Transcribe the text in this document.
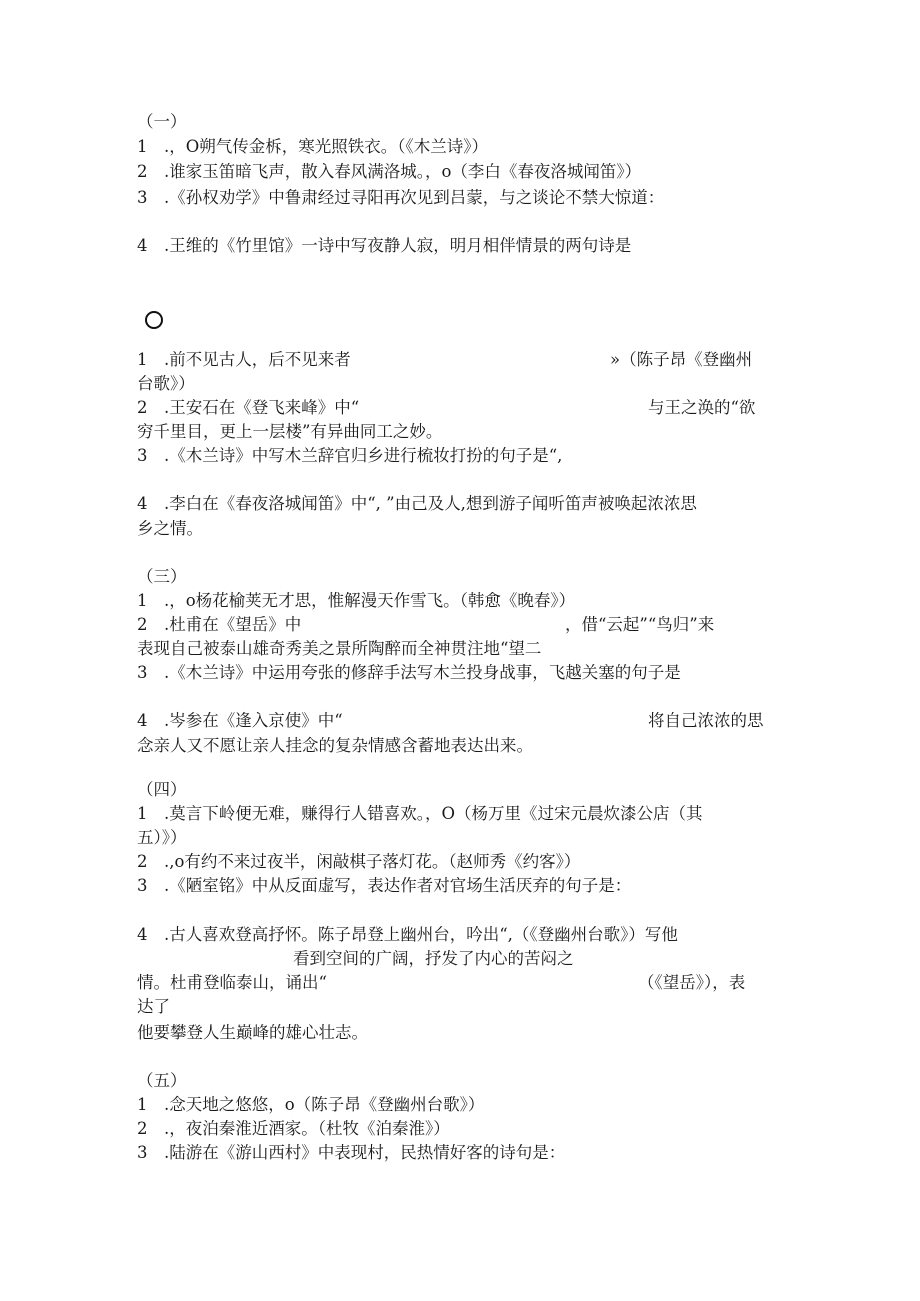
（一）
1　.，O朔气传金柝，寒光照铁衣。（《木兰诗》）
2　.谁家玉笛暗飞声，散入春风满洛城。，o（李白《春夜洛城闻笛》）
3　.《孙权劝学》中鲁肃经过寻阳再次见到吕蒙，与之谈论不禁大惊道：
4　.王维的《竹里馆》一诗中写夜静人寂，明月相伴情景的两句诗是
1　.前不见古人，后不见来者	»（陈子昂《登幽州
台歌》）
2　.王安石在《登飞来峰》中“	与王之涣的“欲
穷千里目，更上一层楼”有异曲同工之妙。
3　.《木兰诗》中写木兰辞官归乡进行梳妆打扮的句子是“,
4　.李白在《春夜洛城闻笛》中“, ”由己及人,想到游子闻听笛声被唤起浓浓思
乡之情。
（三）
1　.，o杨花榆荚无才思，惟解漫天作雪飞。（韩愈《晚春》）
2　.杜甫在《望岳》中	，借“云起”“鸟归”来
表现自己被泰山雄奇秀美之景所陶醉而全神贯注地“望二
3　.《木兰诗》中运用夸张的修辞手法写木兰投身战事，飞越关塞的句子是
4　.岑参在《逢入京使》中“	将自己浓浓的思
念亲人又不愿让亲人挂念的复杂情感含蓄地表达出来。
（四）
1　.莫言下岭便无难，赚得行人错喜欢。，O（杨万里《过宋元晨炊漆公店（其
五）》）
2　.,o有约不来过夜半，闲敲棋子落灯花。（赵师秀《约客》）
3　.《陋室铭》中从反面虚写，表达作者对官场生活厌弃的句子是：
4　.古人喜欢登高抒怀。陈子昂登上幽州台，吟出“,（《登幽州台歌》）写他
看到空间的广阔，抒发了内心的苦闷之
情。杜甫登临泰山，诵出“	（《望岳》），表
达了
他要攀登人生巅峰的雄心壮志。
（五）
1　.念天地之悠悠，o（陈子昂《登幽州台歌》）
2　.，夜泊秦淮近酒家。（杜牧《泊秦淮》）
3　.陆游在《游山西村》中表现村，民热情好客的诗句是：
